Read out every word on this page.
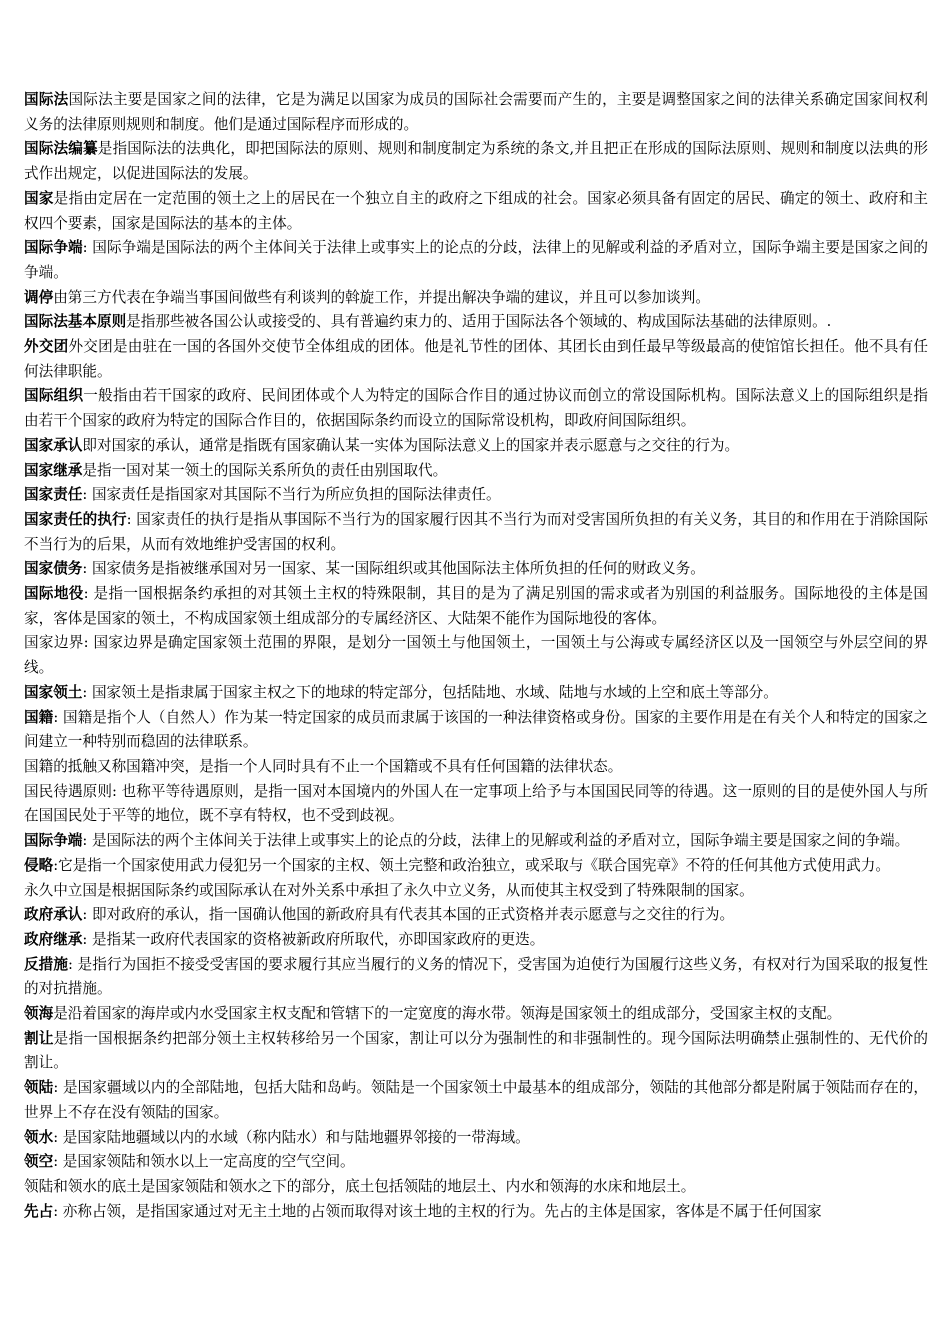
国际法国际法主要是国家之间的法律，它是为满足以国家为成员的国际社会需要而产生的，主要是调整国家之间的法律关系确定国家间权利义务的法律原则规则和制度。他们是通过国际程序而形成的。

国际法编纂是指国际法的法典化，即把国际法的原则、规则和制度制定为系统的条文,并且把正在形成的国际法原则、规则和制度以法典的形式作出规定，以促进国际法的发展。

国家是指由定居在一定范围的领土之上的居民在一个独立自主的政府之下组成的社会。国家必须具备有固定的居民、确定的领土、政府和主权四个要素，国家是国际法的基本的主体。

国际争端: 国际争端是国际法的两个主体间关于法律上或事实上的论点的分歧，法律上的见解或利益的矛盾对立，国际争端主要是国家之间的争端。

调停由第三方代表在争端当事国间做些有利谈判的斡旋工作，并提出解决争端的建议，并且可以参加谈判。

国际法基本原则是指那些被各国公认或接受的、具有普遍约束力的、适用于国际法各个领域的、构成国际法基础的法律原则。.

外交团外交团是由驻在一国的各国外交使节全体组成的团体。他是礼节性的团体、其团长由到任最早等级最高的使馆馆长担任。他不具有任何法律职能。

国际组织一般指由若干国家的政府、民间团体或个人为特定的国际合作目的通过协议而创立的常设国际机构。国际法意义上的国际组织是指由若干个国家的政府为特定的国际合作目的，依据国际条约而设立的国际常设机构，即政府间国际组织。

国家承认即对国家的承认，通常是指既有国家确认某一实体为国际法意义上的国家并表示愿意与之交往的行为。

国家继承是指一国对某一领土的国际关系所负的责任由别国取代。

国家责任: 国家责任是指国家对其国际不当行为所应负担的国际法律责任。

国家责任的执行: 国家责任的执行是指从事国际不当行为的国家履行因其不当行为而对受害国所负担的有关义务，其目的和作用在于消除国际不当行为的后果，从而有效地维护受害国的权利。

国家债务: 国家债务是指被继承国对另一国家、某一国际组织或其他国际法主体所负担的任何的财政义务。

国际地役: 是指一国根据条约承担的对其领土主权的特殊限制，其目的是为了满足别国的需求或者为别国的利益服务。国际地役的主体是国家，客体是国家的领土，不构成国家领土组成部分的专属经济区、大陆架不能作为国际地役的客体。

国家边界: 国家边界是确定国家领土范围的界限，是划分一国领土与他国领土，一国领土与公海或专属经济区以及一国领空与外层空间的界线。

国家领土: 国家领土是指隶属于国家主权之下的地球的特定部分，包括陆地、水域、陆地与水域的上空和底土等部分。

国籍: 国籍是指个人（自然人）作为某一特定国家的成员而隶属于该国的一种法律资格或身份。国家的主要作用是在有关个人和特定的国家之间建立一种特别而稳固的法律联系。

国籍的抵触又称国籍冲突，是指一个人同时具有不止一个国籍或不具有任何国籍的法律状态。

国民待遇原则: 也称平等待遇原则，是指一国对本国境内的外国人在一定事项上给予与本国国民同等的待遇。这一原则的目的是使外国人与所在国国民处于平等的地位，既不享有特权，也不受到歧视。

国际争端: 是国际法的两个主体间关于法律上或事实上的论点的分歧，法律上的见解或利益的矛盾对立，国际争端主要是国家之间的争端。

侵略:它是指一个国家使用武力侵犯另一个国家的主权、领土完整和政治独立，或采取与《联合国宪章》不符的任何其他方式使用武力。

永久中立国是根据国际条约或国际承认在对外关系中承担了永久中立义务，从而使其主权受到了特殊限制的国家。

政府承认: 即对政府的承认，指一国确认他国的新政府具有代表其本国的正式资格并表示愿意与之交往的行为。

政府继承: 是指某一政府代表国家的资格被新政府所取代，亦即国家政府的更迭。

反措施: 是指行为国拒不接受受害国的要求履行其应当履行的义务的情况下，受害国为迫使行为国履行这些义务，有权对行为国采取的报复性的对抗措施。

领海是沿着国家的海岸或内水受国家主权支配和管辖下的一定宽度的海水带。领海是国家领土的组成部分，受国家主权的支配。

割让是指一国根据条约把部分领土主权转移给另一个国家，割让可以分为强制性的和非强制性的。现今国际法明确禁止强制性的、无代价的割让。

领陆: 是国家疆域以内的全部陆地，包括大陆和岛屿。领陆是一个国家领土中最基本的组成部分，领陆的其他部分都是附属于领陆而存在的，世界上不存在没有领陆的国家。

领水: 是国家陆地疆域以内的水域（称内陆水）和与陆地疆界邻接的一带海域。

领空: 是国家领陆和领水以上一定高度的空气空间。

领陆和领水的底土是国家领陆和领水之下的部分，底土包括领陆的地层土、内水和领海的水床和地层土。

先占: 亦称占领，是指国家通过对无主土地的占领而取得对该土地的主权的行为。先占的主体是国家，客体是不属于任何国家
